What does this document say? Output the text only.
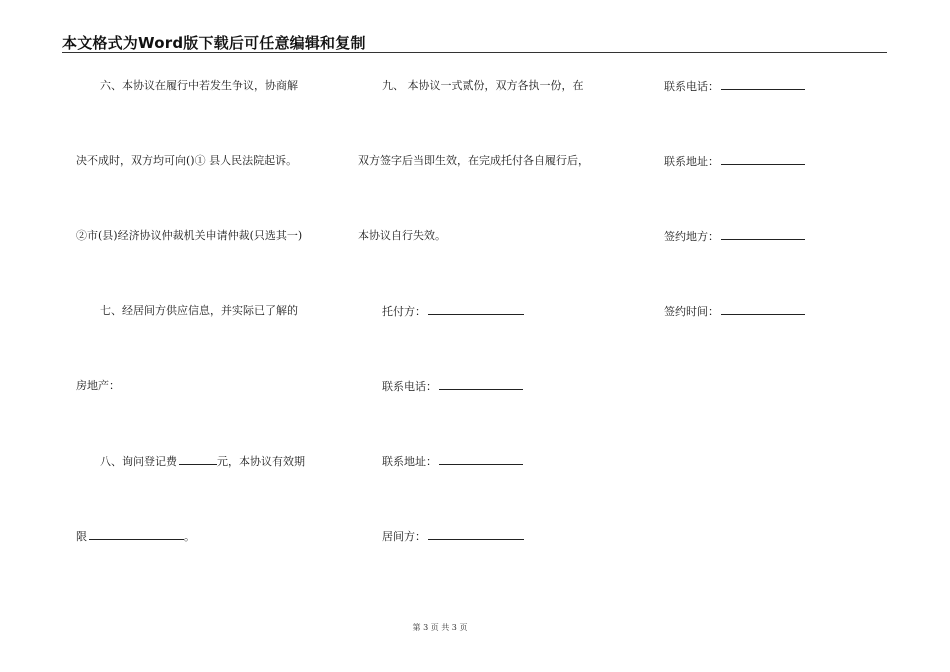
本文格式为Word版下载后可任意编辑和复制
六、本协议在履行中若发生争议，协商解
决不成时，双方均可向()① 县人民法院起诉。
②市(县)经济协议仲裁机关申请仲裁(只选其一)
七、经居间方供应信息，并实际已了解的
房地产：
八、询问登记费	元，本协议有效期
限	。
九、 本协议一式贰份，双方各执一份，在
双方签字后当即生效，在完成托付各自履行后，
本协议自行失效。
托付方：
联系电话：
联系地址：
居间方：
联系电话：
联系地址：
签约地方：
签约时间：
第 3 页 共 3 页
